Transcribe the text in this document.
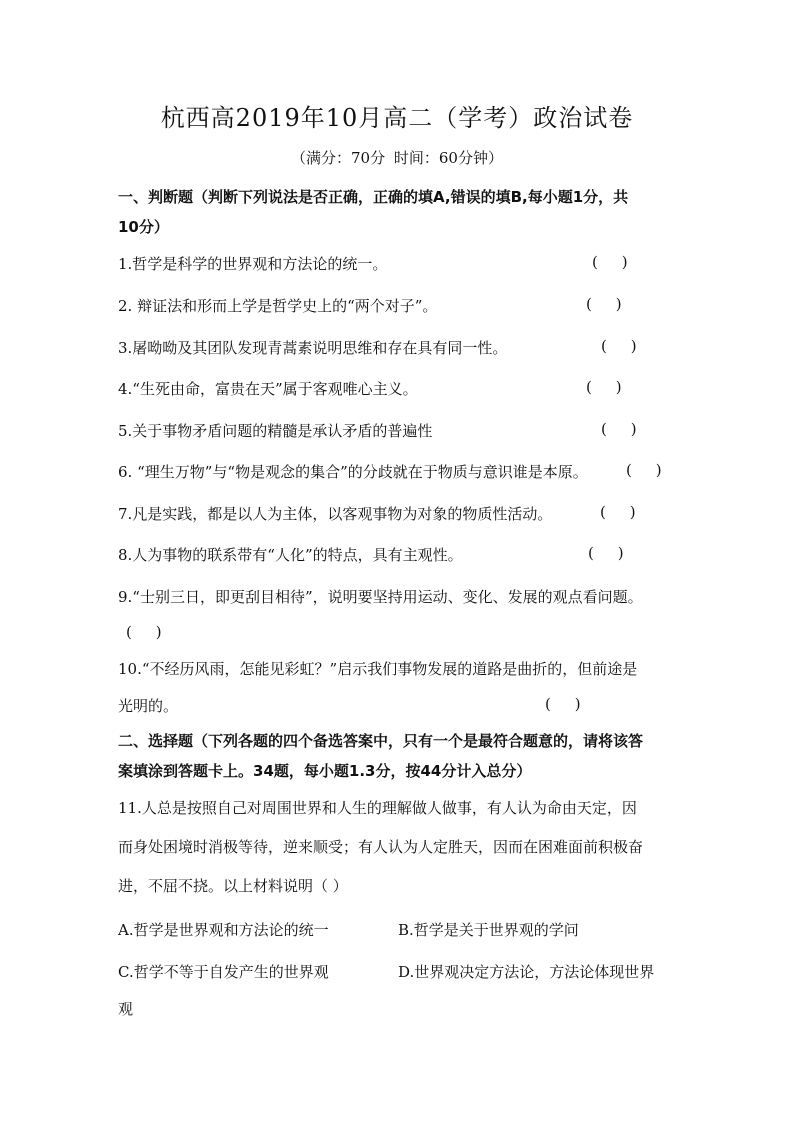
杭西高2019年10月高二（学考）政治试卷
（满分：70分 时间：60分钟）
一、判断题（判断下列说法是否正确，正确的填A,错误的填B,每小题1分，共
10分）
1.哲学是科学的世界观和方法论的统一。	(     )
2. 辩证法和形而上学是哲学史上的“两个对子”。	(     )
3.屠呦呦及其团队发现青蒿素说明思维和存在具有同一性。	(     )
4.“生死由命，富贵在天”属于客观唯心主义。	(     )
5.关于事物矛盾问题的精髓是承认矛盾的普遍性	(     )
6. “理生万物”与“物是观念的集合”的分歧就在于物质与意识谁是本原。	(     )
7.凡是实践，都是以人为主体，以客观事物为对象的物质性活动。	(     )
8.人为事物的联系带有“人化”的特点，具有主观性。	(     )
9.“士别三日，即更刮目相待”，说明要坚持用运动、变化、发展的观点看问题。
(     )
10.“不经历风雨，怎能见彩虹？”启示我们事物发展的道路是曲折的，但前途是
光明的。	(     )
二、选择题（下列各题的四个备选答案中，只有一个是最符合题意的，请将该答
案填涂到答题卡上。34题，每小题1.3分，按44分计入总分）
11.人总是按照自己对周围世界和人生的理解做人做事，有人认为命由天定，因
而身处困境时消极等待，逆来顺受；有人认为人定胜天，因而在困难面前积极奋
进，不屈不挠。以上材料说明（ ）
A.哲学是世界观和方法论的统一	B.哲学是关于世界观的学问
C.哲学不等于自发产生的世界观	D.世界观决定方法论，方法论体现世界
观
